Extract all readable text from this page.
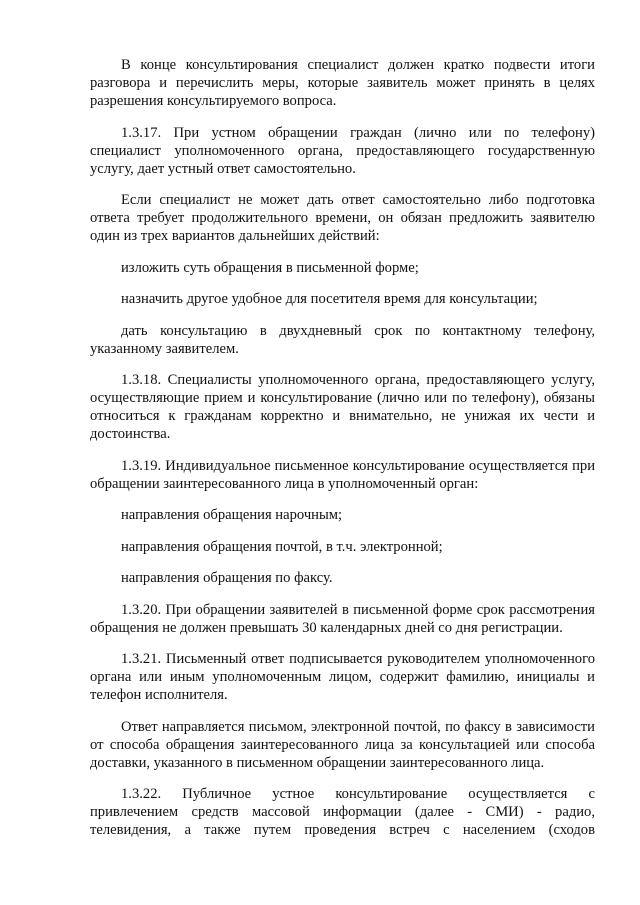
В конце консультирования специалист должен кратко подвести итоги разговора и перечислить меры, которые заявитель может принять в целях разрешения консультируемого вопроса.

1.3.17. При устном обращении граждан (лично или по телефону) специалист уполномоченного органа, предоставляющего государственную услугу, дает устный ответ самостоятельно.

Если специалист не может дать ответ самостоятельно либо подготовка ответа требует продолжительного времени, он обязан предложить заявителю один из трех вариантов дальнейших действий:

изложить суть обращения в письменной форме;

назначить другое удобное для посетителя время для консультации;

дать консультацию в двухдневный срок по контактному телефону, указанному заявителем.

1.3.18. Специалисты уполномоченного органа, предоставляющего услугу, осуществляющие прием и консультирование (лично или по телефону), обязаны относиться к гражданам корректно и внимательно, не унижая их чести и достоинства.

1.3.19. Индивидуальное письменное консультирование осуществляется при обращении заинтересованного лица в уполномоченный орган:

направления обращения нарочным;

направления обращения почтой, в т.ч. электронной;

направления обращения по факсу.

1.3.20. При обращении заявителей в письменной форме срок рассмотрения обращения не должен превышать 30 календарных дней со дня регистрации.

1.3.21. Письменный ответ подписывается руководителем уполномоченного органа или иным уполномоченным лицом, содержит фамилию, инициалы и телефон исполнителя.

Ответ направляется письмом, электронной почтой, по факсу в зависимости от способа обращения заинтересованного лица за консультацией или способа доставки, указанного в письменном обращении заинтересованного лица.

1.3.22. Публичное устное консультирование осуществляется с привлечением средств массовой информации (далее - СМИ) - радио, телевидения, а также путем проведения встреч с населением (сходов
